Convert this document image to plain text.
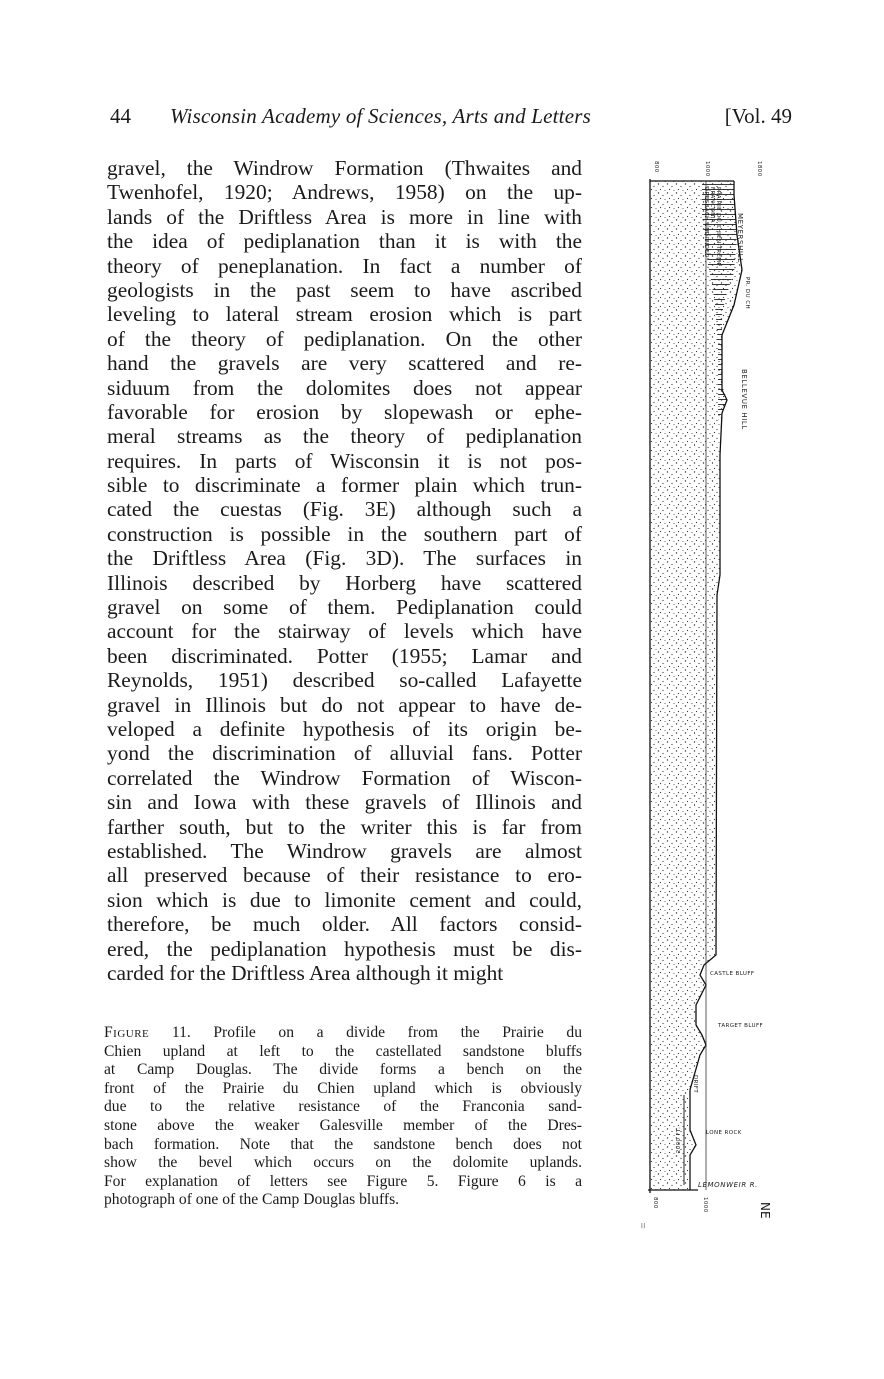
44 Wisconsin Academy of Sciences, Arts and Letters	[Vol. 49
gravel, the Windrow Formation (Thwaites and
Twenhofel, 1920; Andrews, 1958) on the up-
lands of the Driftless Area is more in line with
the idea of pediplanation than it is with the
theory of peneplanation. In fact a number of
geologists in the past seem to have ascribed
leveling to lateral stream erosion which is part
of the theory of pediplanation. On the other
hand the gravels are very scattered and re-
siduum from the dolomites does not appear
favorable for erosion by slopewash or ephe-
meral streams as the theory of pediplanation
requires. In parts of Wisconsin it is not pos-
sible to discriminate a former plain which trun-
cated the cuestas (Fig. 3E) although such a
construction is possible in the southern part of
the Driftless Area (Fig. 3D). The surfaces in
Illinois described by Horberg have scattered
gravel on some of them. Pediplanation could
account for the stairway of levels which have
been discriminated. Potter (1955; Lamar and
Reynolds, 1951) described so-called Lafayette
gravel in Illinois but do not appear to have de-
veloped a definite hypothesis of its origin be-
yond the discrimination of alluvial fans. Potter
correlated the Windrow Formation of Wiscon-
sin and Iowa with these gravels of Illinois and
farther south, but to the writer this is far from
established. The Windrow gravels are almost
all preserved because of their resistance to ero-
sion which is due to limonite cement and could,
therefore, be much older. All factors consid-
ered, the pediplanation hypothesis must be dis-
carded for the Driftless Area although it might
Figure 11. Profile on a divide from the Prairie du
Chien upland at left to the castellated sandstone bluffs
at Camp Douglas. The divide forms a bench on the
front of the Prairie du Chien upland which is obviously
due to the relative resistance of the Franconia sand-
stone above the weaker Galesville member of the Dres-
bach formation. Note that the sandstone bench does not
show the bevel which occurs on the dolomite uplands.
For explanation of letters see Figure 5. Figure 6 is a
photograph of one of the Camp Douglas bluffs.
800	1000	1800
2000 FT.
PRAIRIE DU CHIEN-TREMP.
FRANCONIA
DRESBACH UNDIVIDED	MEYERSHILL
PR. DU CH
BELLEVUE HILL
CASTLE BLUFF
TARGET BLUFF
LONE ROCK
LEMONWEIR R.
DRIFT
800	1000
||
NE
